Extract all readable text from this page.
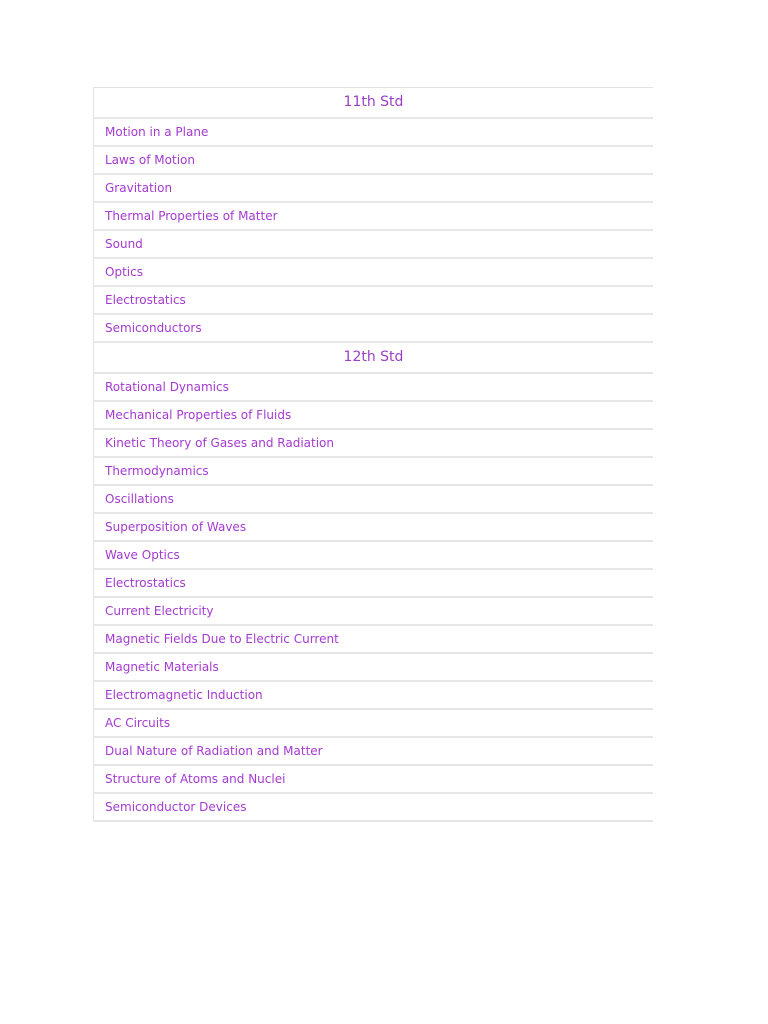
11th Std
Motion in a Plane
Laws of Motion
Gravitation
Thermal Properties of Matter
Sound
Optics
Electrostatics
Semiconductors
12th Std
Rotational Dynamics
Mechanical Properties of Fluids
Kinetic Theory of Gases and Radiation
Thermodynamics
Oscillations
Superposition of Waves
Wave Optics
Electrostatics
Current Electricity
Magnetic Fields Due to Electric Current
Magnetic Materials
Electromagnetic Induction
AC Circuits
Dual Nature of Radiation and Matter
Structure of Atoms and Nuclei
Semiconductor Devices
